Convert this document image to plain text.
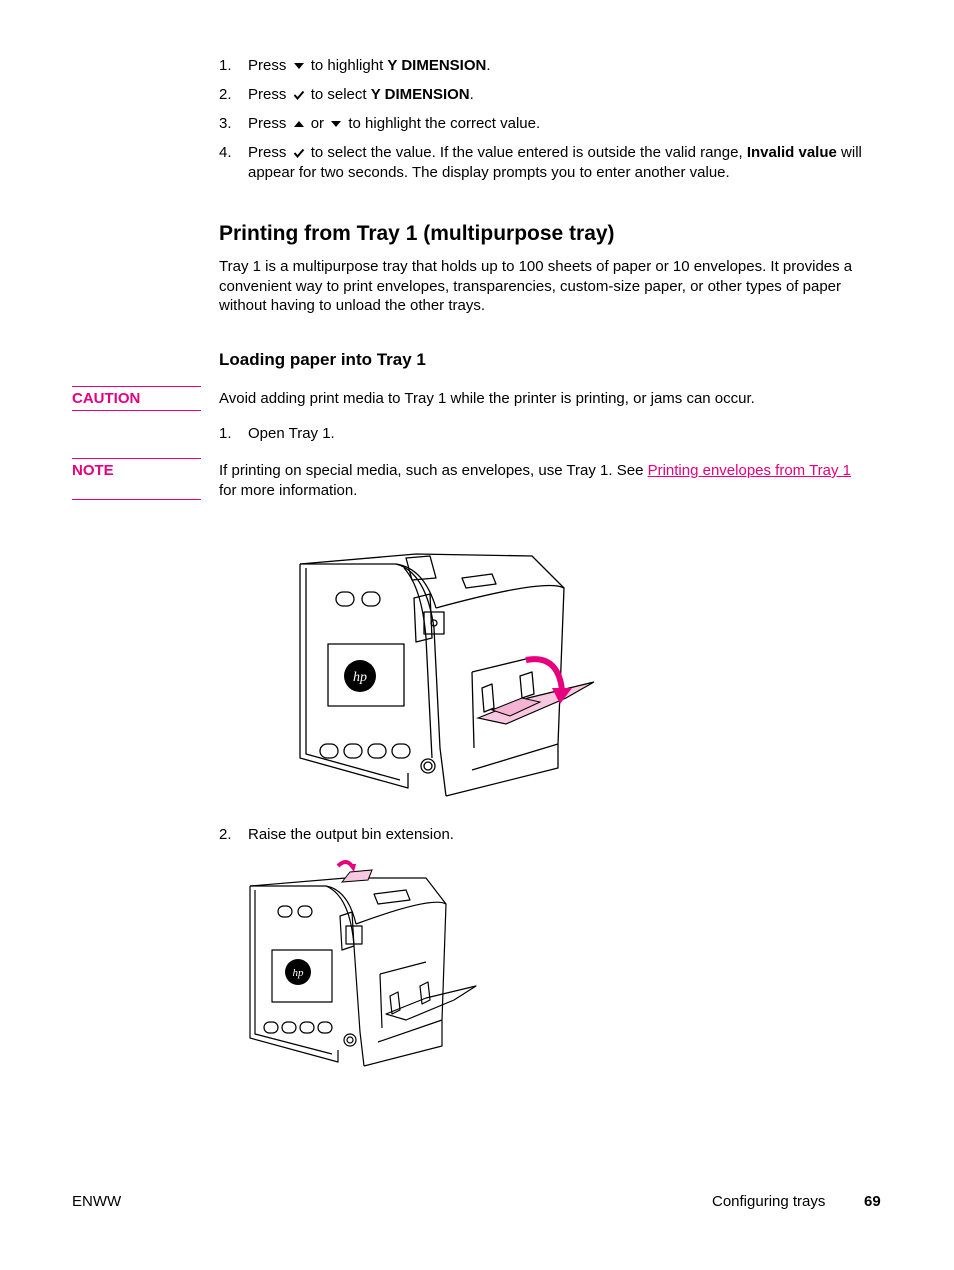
1. Press to highlight Y DIMENSION.
2. Press to select Y DIMENSION.
3. Press or to highlight the correct value.
4. Press to select the value. If the value entered is outside the valid range, Invalid value will appear for two seconds. The display prompts you to enter another value.
Printing from Tray 1 (multipurpose tray)
Tray 1 is a multipurpose tray that holds up to 100 sheets of paper or 10 envelopes. It provides a convenient way to print envelopes, transparencies, custom-size paper, or other types of paper without having to unload the other trays.
Loading paper into Tray 1
CAUTION	Avoid adding print media to Tray 1 while the printer is printing, or jams can occur.
1. Open Tray 1.
NOTE	If printing on special media, such as envelopes, use Tray 1. See Printing envelopes from Tray 1 for more information.
hp
2. Raise the output bin extension.
hp
ENWW	Configuring trays	69
